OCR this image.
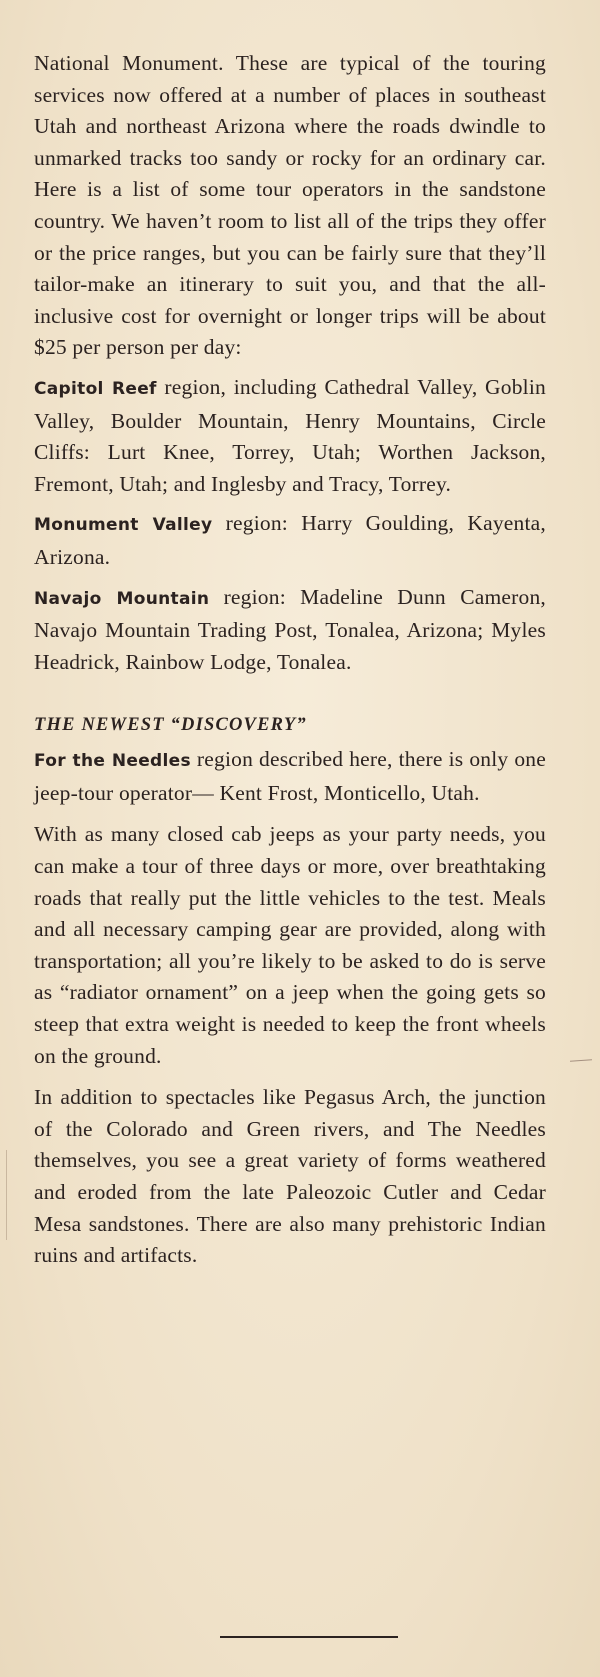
National Monument. These are typical of the touring services now offered at a number of places in southeast Utah and northeast Arizona where the roads dwindle to unmarked tracks too sandy or rocky for an ordinary car. Here is a list of some tour operators in the sandstone country. We haven’t room to list all of the trips they offer or the price ranges, but you can be fairly sure that they’ll tailor-make an itinerary to suit you, and that the all-inclusive cost for overnight or longer trips will be about $25 per person per day:

Capitol Reef region, including Cathedral Valley, Goblin Valley, Boulder Mountain, Henry Mountains, Circle Cliffs: Lurt Knee, Torrey, Utah; Worthen Jackson, Fremont, Utah; and Inglesby and Tracy, Torrey.

Monument Valley region: Harry Goulding, Kayenta, Arizona.

Navajo Mountain region: Madeline Dunn Cameron, Navajo Mountain Trading Post, Tonalea, Arizona; Myles Headrick, Rainbow Lodge, Tonalea.

THE NEWEST “DISCOVERY”

For the Needles region described here, there is only one jeep-tour operator— Kent Frost, Monticello, Utah.

With as many closed cab jeeps as your party needs, you can make a tour of three days or more, over breathtaking roads that really put the little vehicles to the test. Meals and all necessary camping gear are provided, along with transportation; all you’re likely to be asked to do is serve as “radiator ornament” on a jeep when the going gets so steep that extra weight is needed to keep the front wheels on the ground.

In addition to spectacles like Pegasus Arch, the junction of the Colorado and Green rivers, and The Needles themselves, you see a great variety of forms weathered and eroded from the late Paleozoic Cutler and Cedar Mesa sandstones. There are also many prehistoric Indian ruins and artifacts.
